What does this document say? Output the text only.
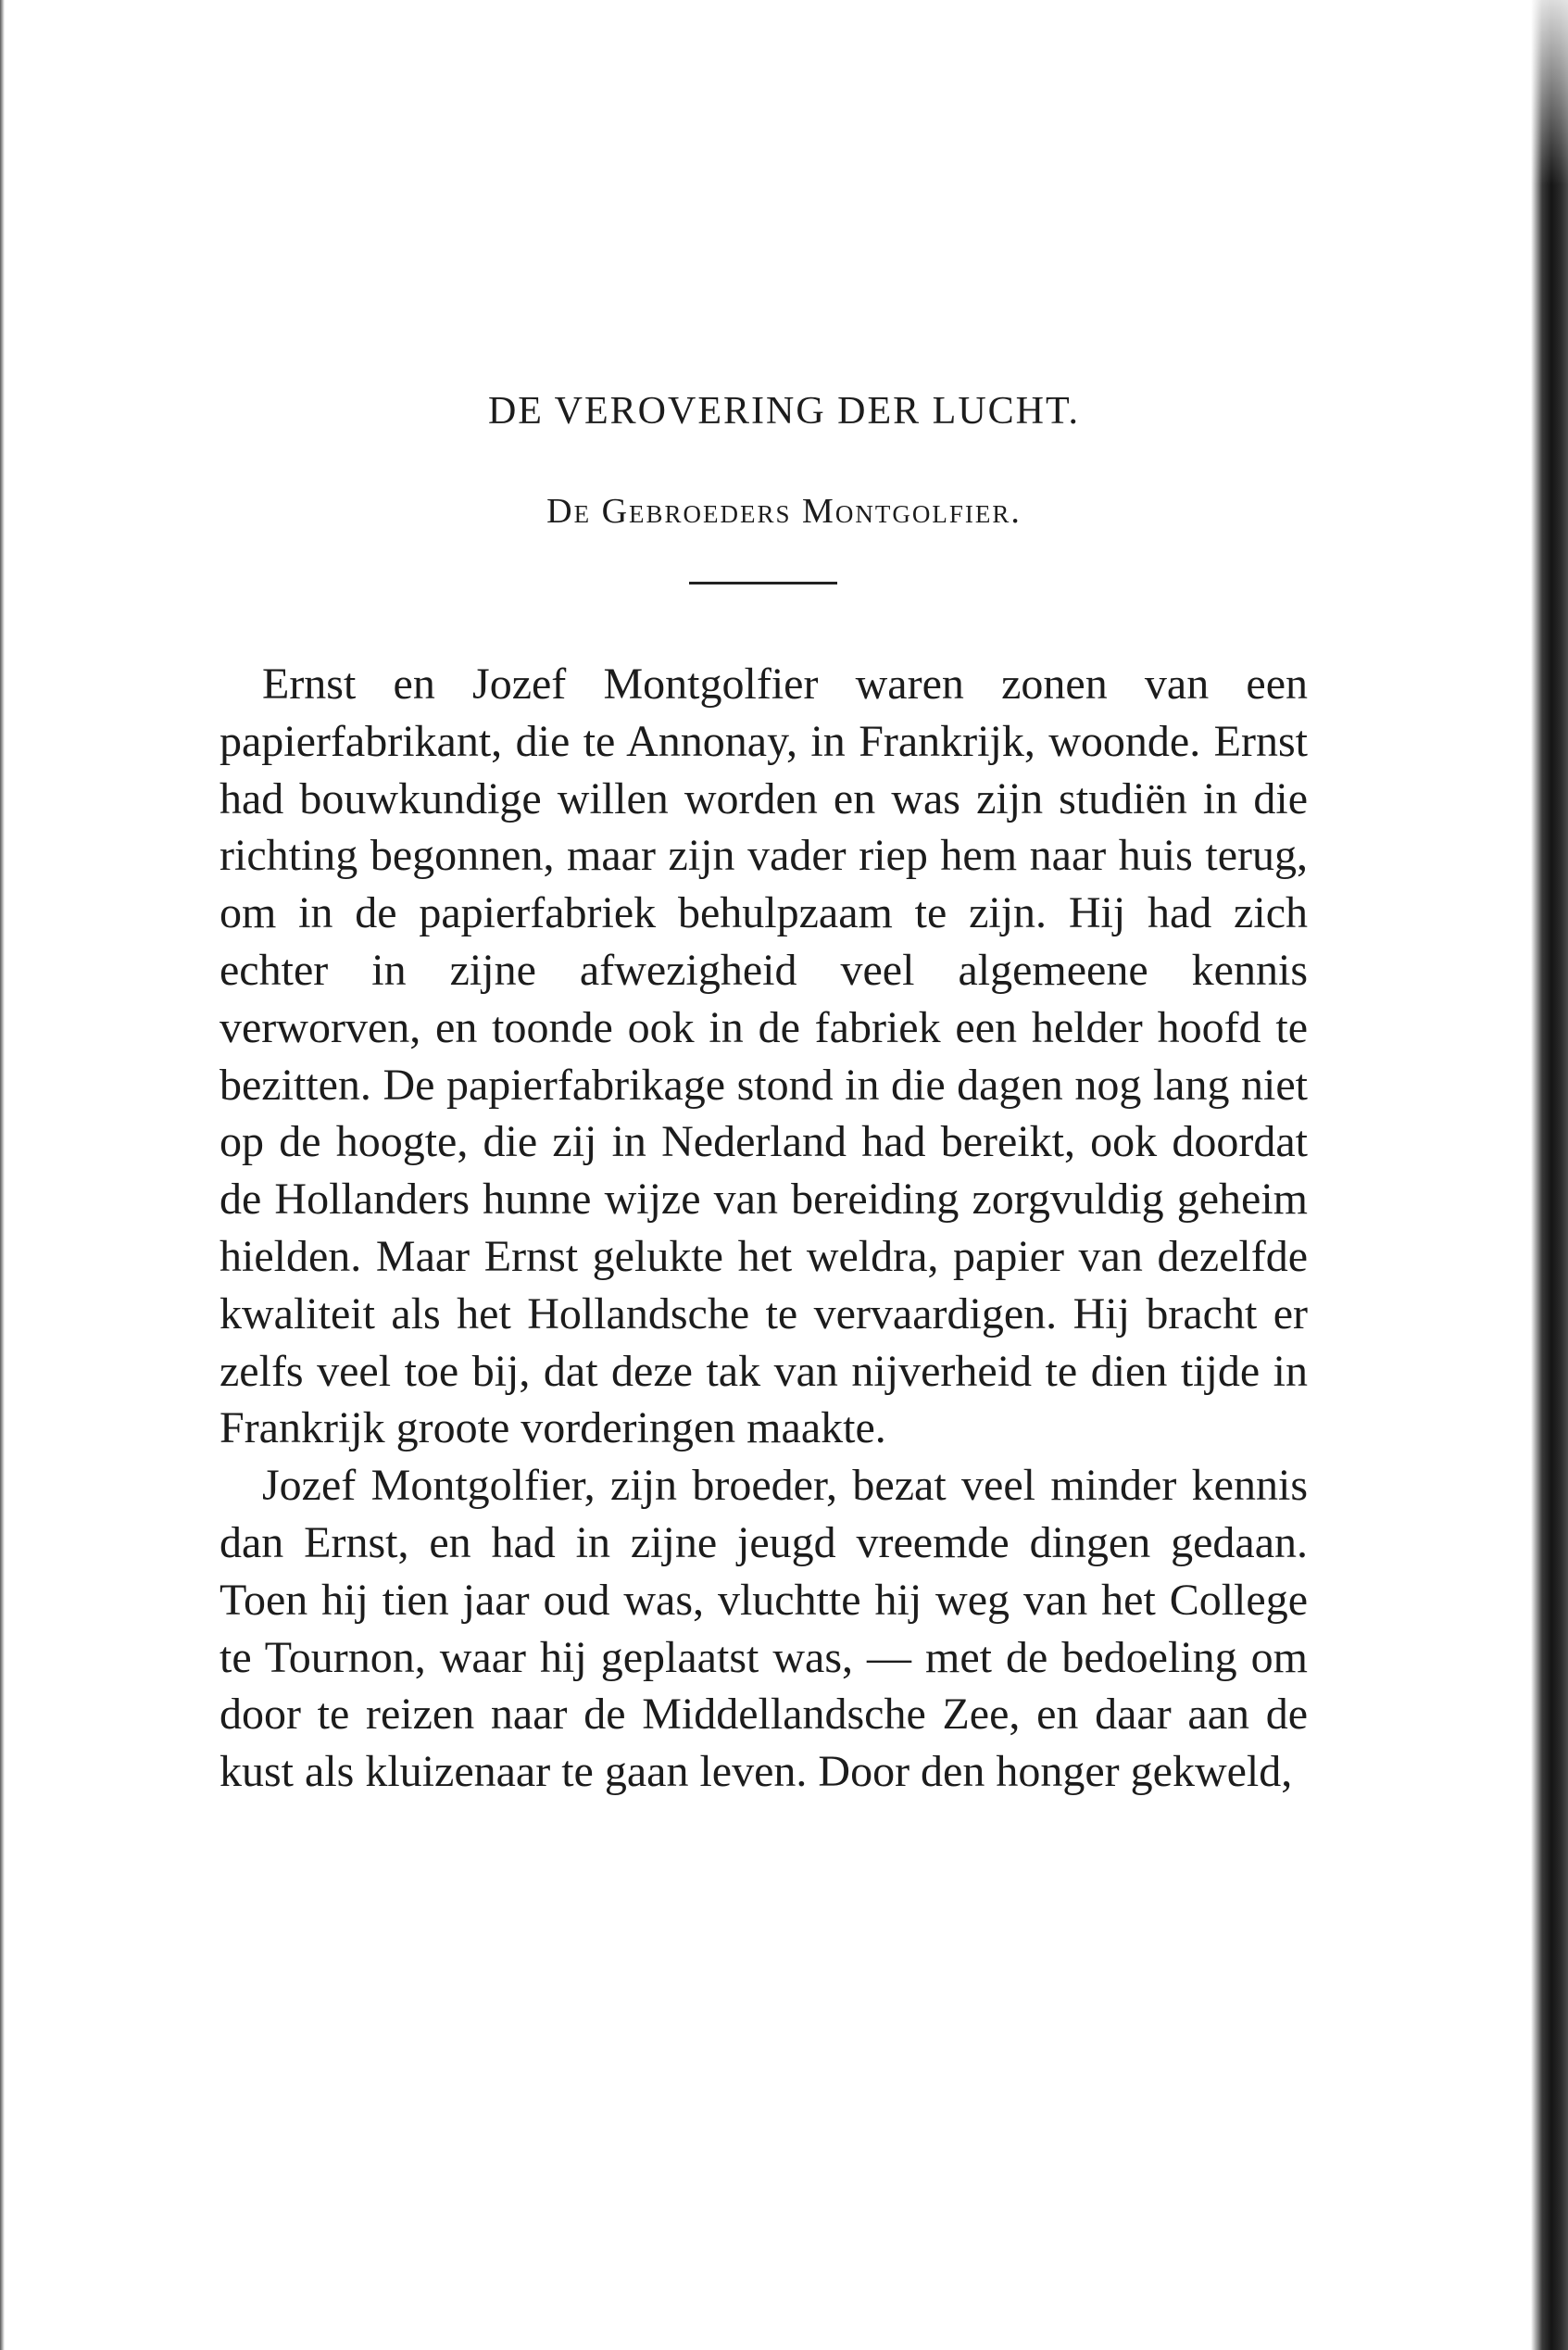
DE VEROVERING DER LUCHT.
De Gebroeders Montgolfier.

Ernst en Jozef Montgolfier waren zonen van een papierfabrikant, die te Annonay, in Frankrijk, woonde. Ernst had bouwkundige willen worden en was zijn studiën in die richting begonnen, maar zijn vader riep hem naar huis terug, om in de papierfabriek behulpzaam te zijn. Hij had zich echter in zijne afwezigheid veel algemeene kennis verworven, en toonde ook in de fabriek een helder hoofd te bezitten. De papierfabrikage stond in die dagen nog lang niet op de hoogte, die zij in Nederland had bereikt, ook doordat de Hollanders hunne wijze van bereiding zorgvuldig geheim hielden. Maar Ernst gelukte het weldra, papier van dezelfde kwaliteit als het Hollandsche te vervaardigen. Hij bracht er zelfs veel toe bij, dat deze tak van nijverheid te dien tijde in Frankrijk groote vorderingen maakte.

Jozef Montgolfier, zijn broeder, bezat veel minder kennis dan Ernst, en had in zijne jeugd vreemde dingen gedaan. Toen hij tien jaar oud was, vluchtte hij weg van het College te Tournon, waar hij geplaatst was, — met de bedoeling om door te reizen naar de Middellandsche Zee, en daar aan de kust als kluizenaar te gaan leven. Door den honger gekweld,
